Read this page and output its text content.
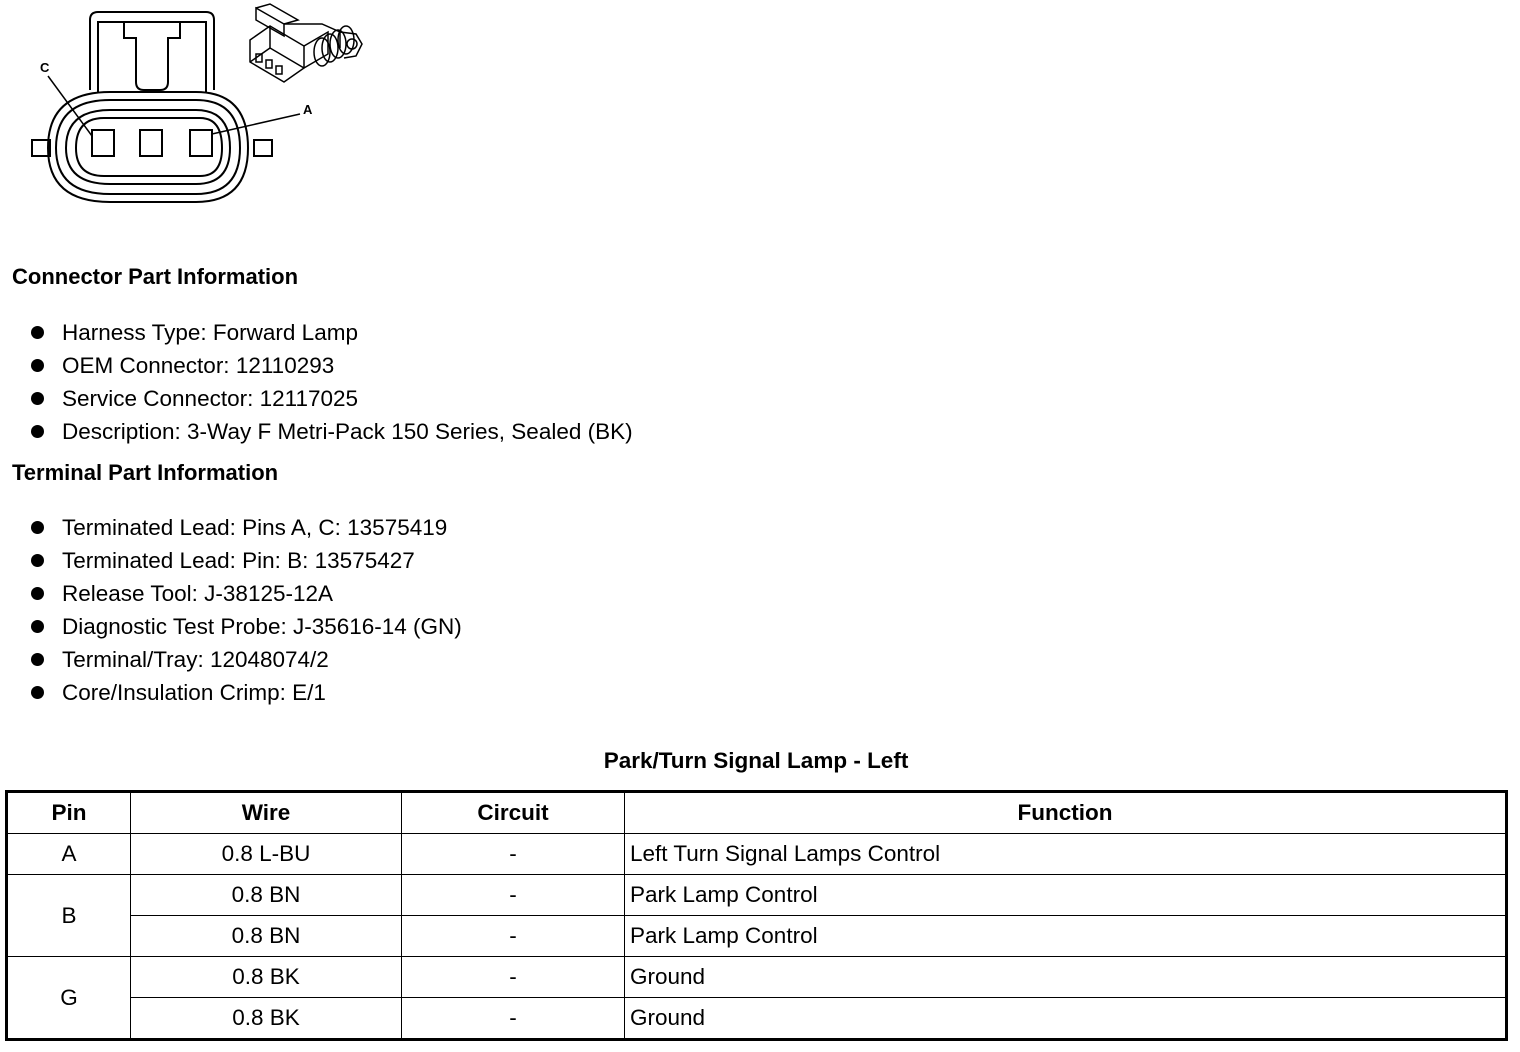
C
A
Connector Part Information
Harness Type: Forward Lamp
OEM Connector: 12110293
Service Connector: 12117025
Description: 3-Way F Metri-Pack 150 Series, Sealed (BK)
Terminal Part Information
Terminated Lead: Pins A, C: 13575419
Terminated Lead: Pin: B: 13575427
Release Tool: J-38125-12A
Diagnostic Test Probe: J-35616-14 (GN)
Terminal/Tray: 12048074/2
Core/Insulation Crimp: E/1
Park/Turn Signal Lamp - Left
Pin	Wire	Circuit	Function
A	0.8 L-BU	-	Left Turn Signal Lamps Control
B	0.8 BN	-	Park Lamp Control
	0.8 BN	-	Park Lamp Control
G	0.8 BK	-	Ground
	0.8 BK	-	Ground
